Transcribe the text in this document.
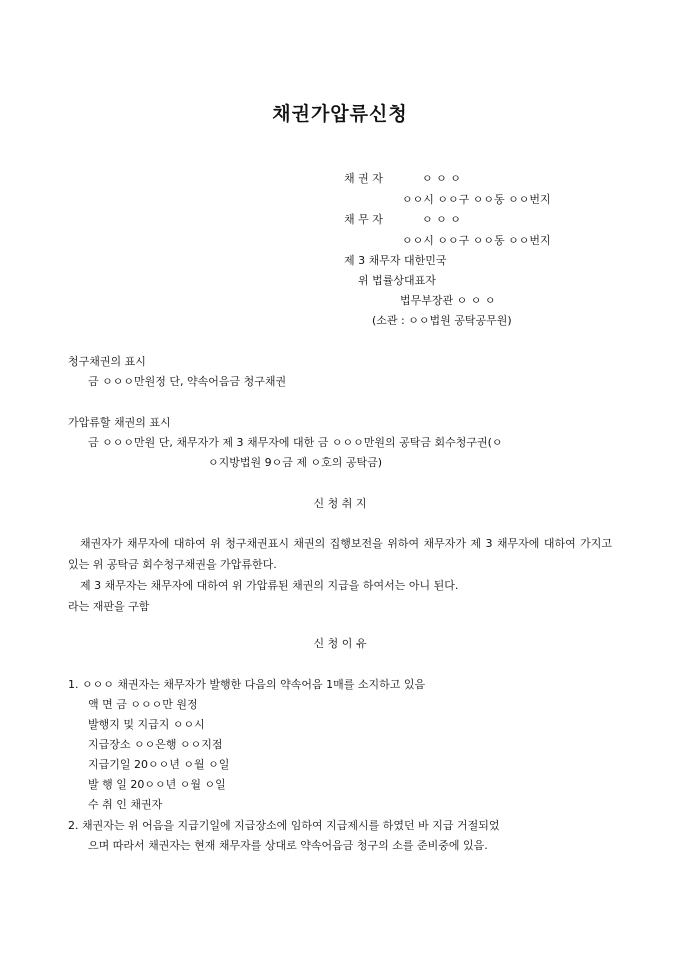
채권가압류신청
채 권 자	ㅇ ㅇ ㅇ
ㅇㅇ시 ㅇㅇ구 ㅇㅇ동 ㅇㅇ번지
채 무 자	ㅇ ㅇ ㅇ
ㅇㅇ시 ㅇㅇ구 ㅇㅇ동 ㅇㅇ번지
제 3 채무자 대한민국
위 법률상대표자
법무부장관 ㅇ ㅇ ㅇ
(소관 : ㅇㅇ법원 공탁공무원)
청구채권의 표시
금 ㅇㅇㅇ만원정 단, 약속어음금 청구채권
가압류할 채권의 표시
금 ㅇㅇㅇ만원 단, 채무자가 제 3 채무자에 대한 금 ㅇㅇㅇ만원의 공탁금 회수청구권(ㅇ
ㅇ지방법원 9ㅇ금 제 ㅇ호의 공탁금)
신 청 취 지

채권자가 채무자에 대하여 위 청구채권표시 채권의 집행보전을 위하여 채무자가 제 3 채무자에 대하여 가지고 있는 위 공탁금 회수청구채권을 가압류한다.

제 3 채무자는 채무자에 대하여 위 가압류된 채권의 지급을 하여서는 아니 된다.

라는 재판을 구함

신 청 이 유
1. ㅇㅇㅇ 채권자는 채무자가 발행한 다음의 약속어음 1매를 소지하고 있음
액 면 금 ㅇㅇㅇ만 원정
발행지 및 지급지 ㅇㅇ시
지급장소 ㅇㅇ은행 ㅇㅇ지점
지급기일 20ㅇㅇ년 ㅇ월 ㅇ일
발 행 일 20ㅇㅇ년 ㅇ월 ㅇ일
수 취 인 채권자
2. 채권자는 위 어음을 지급기일에 지급장소에 임하여 지급제시를 하였던 바 지급 거절되었
으며 따라서 채권자는 현재 채무자를 상대로 약속어음금 청구의 소를 준비중에 있음.
